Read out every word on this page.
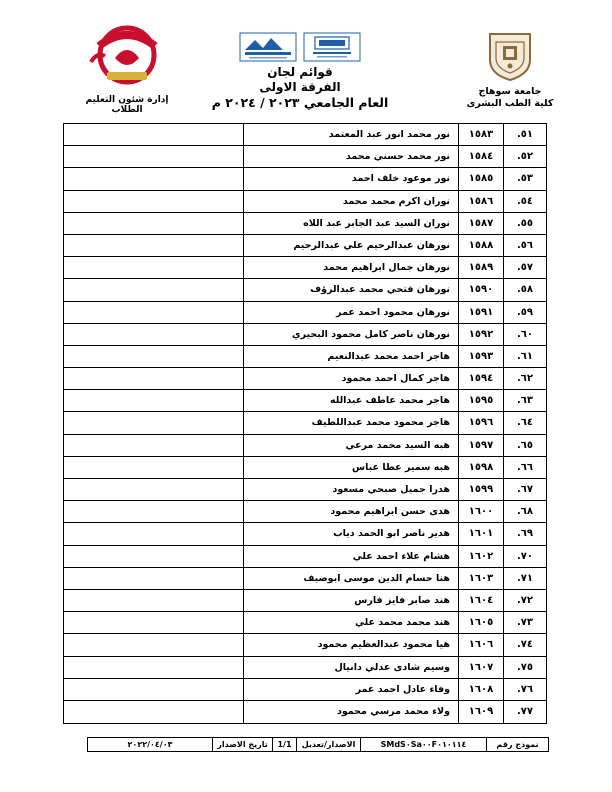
جامعة سوهاج
كلية الطب البشرى
إدارة شئون التعليم الطلاب
قوائم لجان
الفرقة الاولى
العام الجامعي ٢٠٢٣ / ٢٠٢٤ م
نور محمد انور عبد المعتمد	١٥٨٣	.٥١
نور محمد حسني محمد	١٥٨٤	.٥٢
نور موعود خلف احمد	١٥٨٥	.٥٣
نوران اكرم محمد محمد	١٥٨٦	.٥٤
نوران السيد عبد الجابر عبد اللاه	١٥٨٧	.٥٥
نورهان عبدالرحيم علي عبدالرحيم	١٥٨٨	.٥٦
نورهان جمال ابراهيم محمد	١٥٨٩	.٥٧
نورهان فتحي محمد عبدالرؤف	١٥٩٠	.٥٨
نورهان محمود احمد عمر	١٥٩١	.٥٩
نورهان ناصر كامل محمود البحيري	١٥٩٢	.٦٠
هاجر احمد محمد عبدالنعيم	١٥٩٣	.٦١
هاجر كمال احمد محمود	١٥٩٤	.٦٢
هاجر محمد عاطف عبدالله	١٥٩٥	.٦٣
هاجر محمود محمد عبداللطيف	١٥٩٦	.٦٤
هبه السيد محمد مرعي	١٥٩٧	.٦٥
هبه سمير عطا عباس	١٥٩٨	.٦٦
هدرا جميل صبحي مسعود	١٥٩٩	.٦٧
هدى حسن ابراهيم محمود	١٦٠٠	.٦٨
هدير ناصر ابو الحمد دياب	١٦٠١	.٦٩
هشام علاء احمد علي	١٦٠٢	.٧٠
هنا حسام الدين موسى ابوضيف	١٦٠٣	.٧١
هند صابر فايز فارس	١٦٠٤	.٧٢
هند محمد محمد علي	١٦٠٥	.٧٣
هيا محمود عبدالعظيم محمود	١٦٠٦	.٧٤
وسيم شادى عدلي دانيال	١٦٠٧	.٧٥
وفاء عادل احمد عمر	١٦٠٨	.٧٦
ولاء محمد مرسي محمود	١٦٠٩	.٧٧
نموذج رقم
SMdS٠Sa٠٠F٠١٠١١٤
الاصدار/تعديل
1/1
تاريخ الاصدار
٢٠٢٢/٠٤/٠٣
